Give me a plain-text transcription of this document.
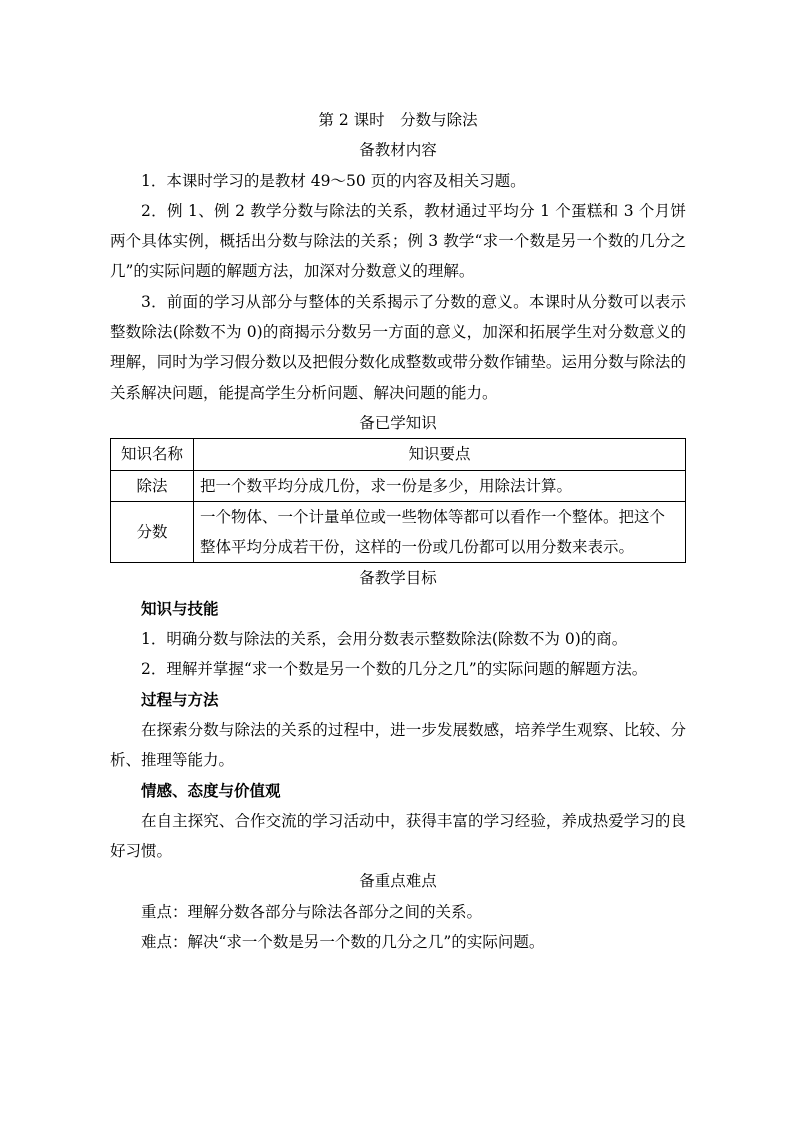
第 2 课时　分数与除法
备教材内容

1．本课时学习的是教材 49～50 页的内容及相关习题。

2．例 1、例 2 教学分数与除法的关系，教材通过平均分 1 个蛋糕和 3 个月饼两个具体实例，概括出分数与除法的关系；例 3 教学“求一个数是另一个数的几分之几”的实际问题的解题方法，加深对分数意义的理解。

3．前面的学习从部分与整体的关系揭示了分数的意义。本课时从分数可以表示整数除法(除数不为 0)的商揭示分数另一方面的意义，加深和拓展学生对分数意义的理解，同时为学习假分数以及把假分数化成整数或带分数作铺垫。运用分数与除法的关系解决问题，能提高学生分析问题、解决问题的能力。

备已学知识
知识名称	知识要点
除法	把一个数平均分成几份，求一份是多少，用除法计算。
分数	一个物体、一个计量单位或一些物体等都可以看作一个整体。把这个整体平均分成若干份，这样的一份或几份都可以用分数来表示。
备教学目标
知识与技能

1．明确分数与除法的关系，会用分数表示整数除法(除数不为 0)的商。

2．理解并掌握“求一个数是另一个数的几分之几”的实际问题的解题方法。

过程与方法

在探索分数与除法的关系的过程中，进一步发展数感，培养学生观察、比较、分析、推理等能力。

情感、态度与价值观

在自主探究、合作交流的学习活动中，获得丰富的学习经验，养成热爱学习的良好习惯。

备重点难点

重点：理解分数各部分与除法各部分之间的关系。

难点：解决“求一个数是另一个数的几分之几”的实际问题。
